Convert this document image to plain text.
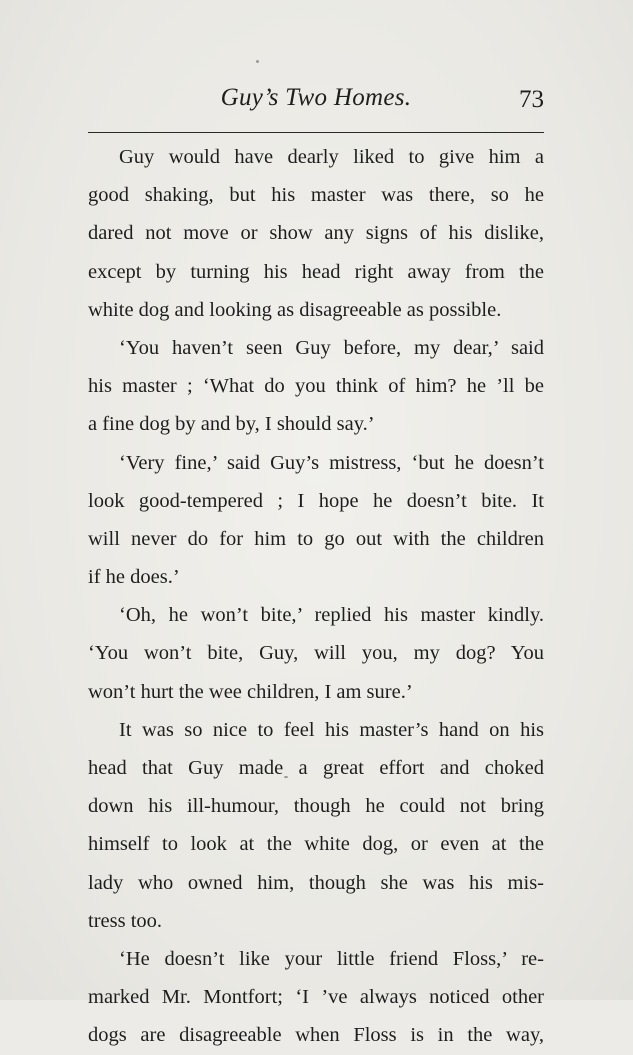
Guy’s Two Homes.	73
Guy would have dearly liked to give him a
good shaking, but his master was there, so he
dared not move or show any signs of his dislike,
except by turning his head right away from the
white dog and looking as disagreeable as possible.
‘You haven’t seen Guy before, my dear,’ said
his master ; ‘What do you think of him? he ’ll be
a fine dog by and by, I should say.’
‘Very fine,’ said Guy’s mistress, ‘but he doesn’t
look good-tempered ; I hope he doesn’t bite. It
will never do for him to go out with the children
if he does.’
‘Oh, he won’t bite,’ replied his master kindly.
‘You won’t bite, Guy, will you, my dog? You
won’t hurt the wee children, I am sure.’
It was so nice to feel his master’s hand on his
head that Guy made a great effort and choked
down his ill-humour, though he could not bring
himself to look at the white dog, or even at the
lady who owned him, though she was his mis-
tress too.
‘He doesn’t like your little friend Floss,’ re-
marked Mr. Montfort; ‘I ’ve always noticed other
dogs are disagreeable when Floss is in the way,
